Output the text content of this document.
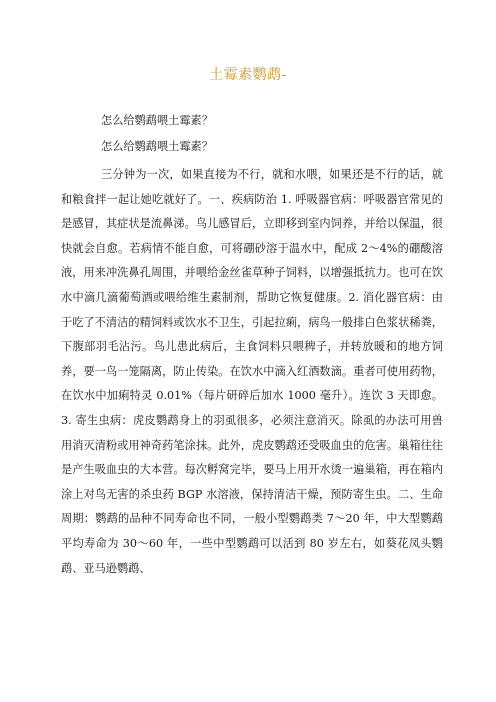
土霉素鹦鹉-

怎么给鹦鹉喂土霉素？

怎么给鹦鹉喂土霉素？

三分钟为一次，如果直接为不行，就和水喂，如果还是不行的话，就和粮食拌一起让她吃就好了。一、疾病防治 1. 呼吸器官病：呼吸器官常见的是感冒，其症状是流鼻涕。鸟儿感冒后，立即移到室内饲养，并给以保温，很快就会自愈。若病情不能自愈，可将硼砂溶于温水中，配成 2～4%的硼酸溶液，用来冲洗鼻孔周围，并喂给金丝雀草种子饲料，以增强抵抗力。也可在饮水中滴几滴葡萄酒或喂给维生素制剂，帮助它恢复健康。2. 消化器官病：由于吃了不清洁的精饲料或饮水不卫生，引起拉痢，病鸟一般排白色浆状稀粪，下腹部羽毛沾污。鸟儿患此病后，主食饲料只喂稗子，并转放暖和的地方饲养，要一鸟一笼隔离，防止传染。在饮水中滴入红酒数滴。重者可使用药物，在饮水中加痢特灵 0.01%（每片研碎后加水 1000 毫升）。连饮 3 天即愈。3. 寄生虫病：虎皮鹦鹉身上的羽虱很多，必须注意消灭。除虱的办法可用兽用消灭清粉或用神奇药笔涂抹。此外，虎皮鹦鹉还受吸血虫的危害。巢箱往往是产生吸血虫的大本营。每次孵窝完毕，要马上用开水烫一遍巢箱，再在箱内涂上对鸟无害的杀虫药 BGP 水溶液，保持清洁干燥，预防寄生虫。二、生命周期：鹦鹉的品种不同寿命也不同，一般小型鹦鹉类 7～20 年，中大型鹦鹉平均寿命为 30～60 年，一些中型鹦鹉可以活到 80 岁左右，如葵花凤头鹦鹉、亚马逊鹦鹉、
